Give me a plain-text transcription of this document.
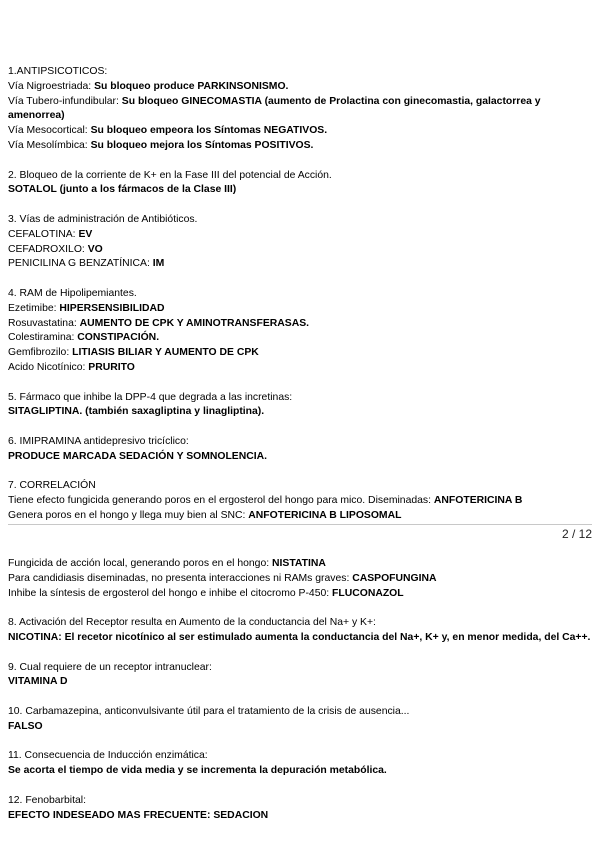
1.ANTIPSICOTICOS:
Vía Nigroestriada: Su bloqueo produce PARKINSONISMO.
Vía Tubero-infundibular: Su bloqueo GINECOMASTIA (aumento de Prolactina con ginecomastia, galactorrea y amenorrea)
Vía Mesocortical: Su bloqueo empeora los Síntomas NEGATIVOS.
Vía Mesolímbica: Su bloqueo mejora los Síntomas POSITIVOS.
2. Bloqueo de la corriente de K+ en la Fase III del potencial de Acción.
SOTALOL (junto a los fármacos de la Clase III)
3. Vías de administración de Antibióticos.
CEFALOTINA: EV
CEFADROXILO: VO
PENICILINA G BENZATÍNICA: IM
4. RAM de Hipolipemiantes.
Ezetimibe: HIPERSENSIBILIDAD
Rosuvastatina: AUMENTO DE CPK Y AMINOTRANSFERASAS.
Colestiramina: CONSTIPACIÓN.
Gemfibrozilo: LITIASIS BILIAR Y AUMENTO DE CPK
Acido Nicotínico: PRURITO
5. Fármaco que inhibe la DPP-4 que degrada a las incretinas:
SITAGLIPTINA. (también saxagliptina y linagliptina).
6. IMIPRAMINA antidepresivo tricíclico:
PRODUCE MARCADA SEDACIÓN Y SOMNOLENCIA.
7. CORRELACIÓN
Tiene efecto fungicida generando poros en el ergosterol del hongo para mico. Diseminadas: ANFOTERICINA B
Genera poros en el hongo y llega muy bien al SNC: ANFOTERICINA B LIPOSOMAL
2 / 12
Fungicida de acción local, generando poros en el hongo: NISTATINA
Para candidiasis diseminadas, no presenta interacciones ni RAMs graves: CASPOFUNGINA
Inhibe la síntesis de ergosterol del hongo e inhibe el citocromo P-450: FLUCONAZOL
8. Activación del Receptor resulta en Aumento de la conductancia del Na+ y K+:
NICOTINA: El recetor nicotínico al ser estimulado aumenta la conductancia del Na+, K+ y, en menor medida, del Ca++.
9. Cual requiere de un receptor intranuclear:
VITAMINA D
10. Carbamazepina, anticonvulsivante útil para el tratamiento de la crisis de ausencia...
FALSO
11. Consecuencia de Inducción enzimática:
Se acorta el tiempo de vida media y se incrementa la depuración metabólica.
12. Fenobarbital:
EFECTO INDESEADO MAS FRECUENTE: SEDACION
